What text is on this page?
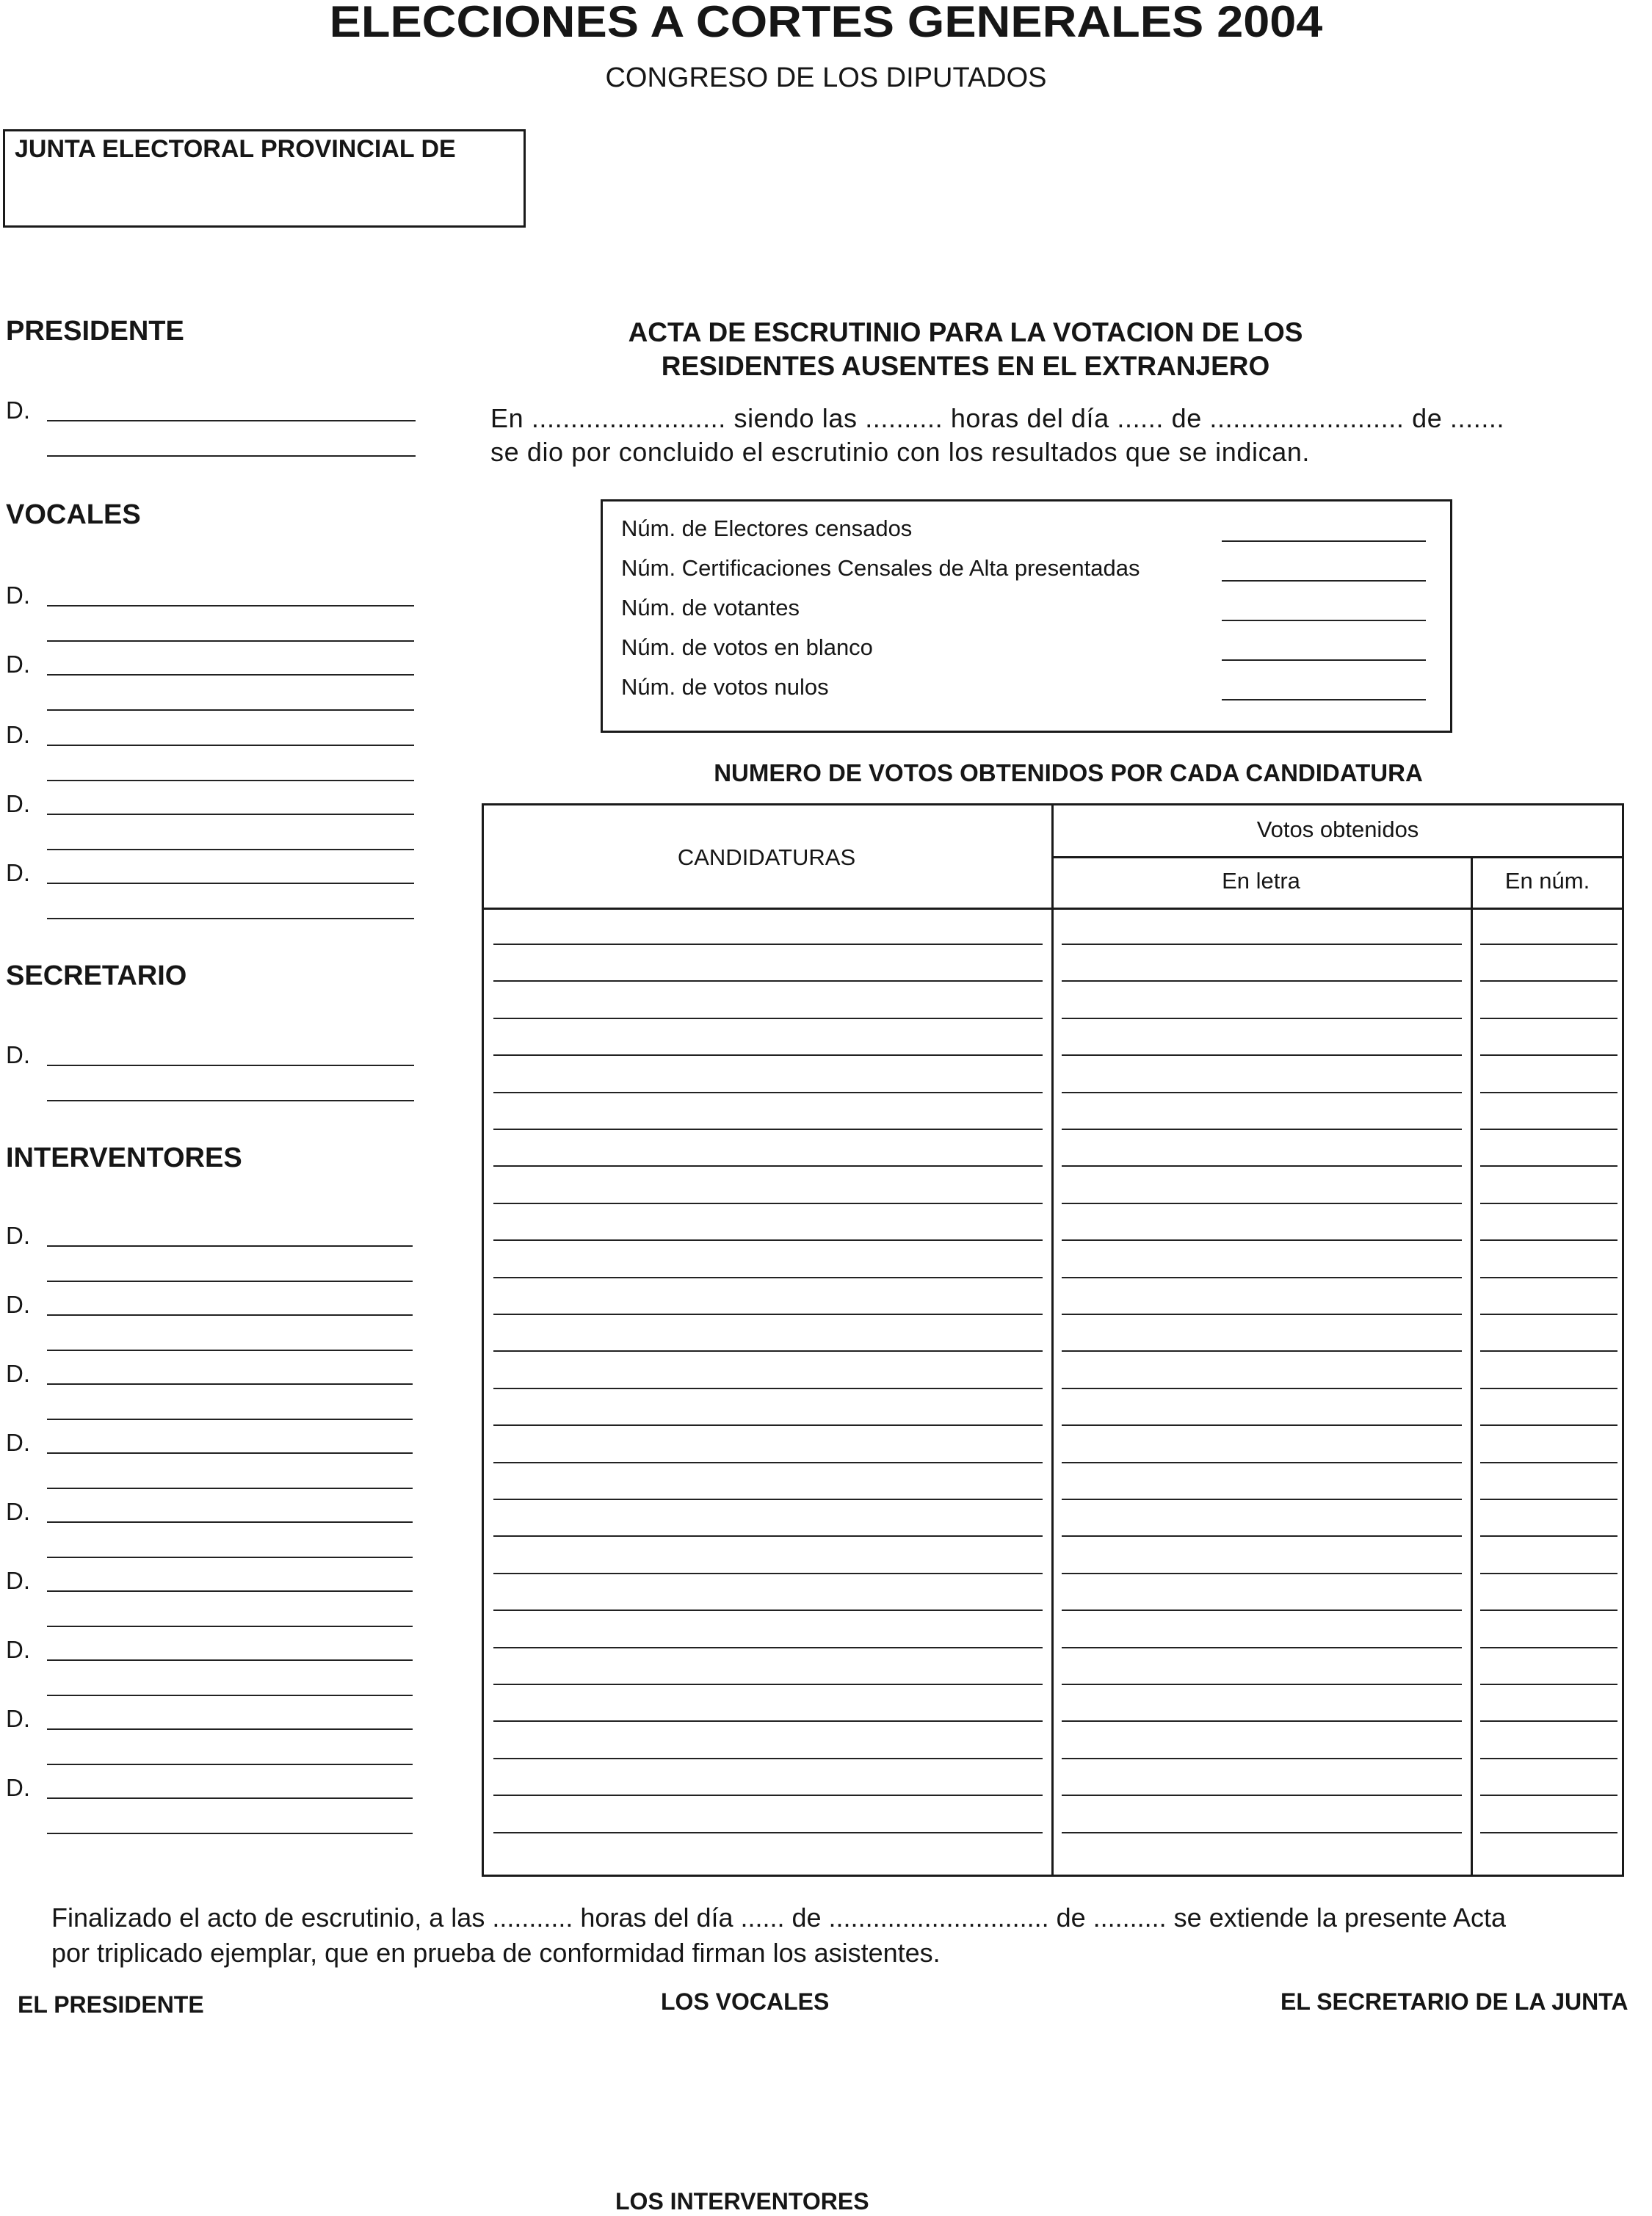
ELECCIONES A CORTES GENERALES 2004
CONGRESO DE LOS DIPUTADOS
JUNTA ELECTORAL PROVINCIAL DE
PRESIDENTE
D.
VOCALES
D.
D.
D.
D.
D.
SECRETARIO
D.
INTERVENTORES
D.
D.
D.
D.
D.
D.
D.
D.
D.
ACTA DE ESCRUTINIO PARA LA VOTACION DE LOS
RESIDENTES AUSENTES EN EL EXTRANJERO
En ......................... siendo las .......... horas del día ...... de ......................... de .......
se dio por concluido el escrutinio con los resultados que se indican.
Núm. de Electores censados
Núm. Certificaciones Censales de Alta presentadas
Núm. de votantes
Núm. de votos en blanco
Núm. de votos nulos
NUMERO DE VOTOS OBTENIDOS POR CADA CANDIDATURA
CANDIDATURAS
Votos obtenidos
En letra	En núm.
Finalizado el acto de escrutinio, a las ........... horas del día ...... de .............................. de .......... se extiende la presente Acta
por triplicado ejemplar, que en prueba de conformidad firman los asistentes.
EL PRESIDENTE	LOS VOCALES	EL SECRETARIO DE LA JUNTA
LOS INTERVENTORES
